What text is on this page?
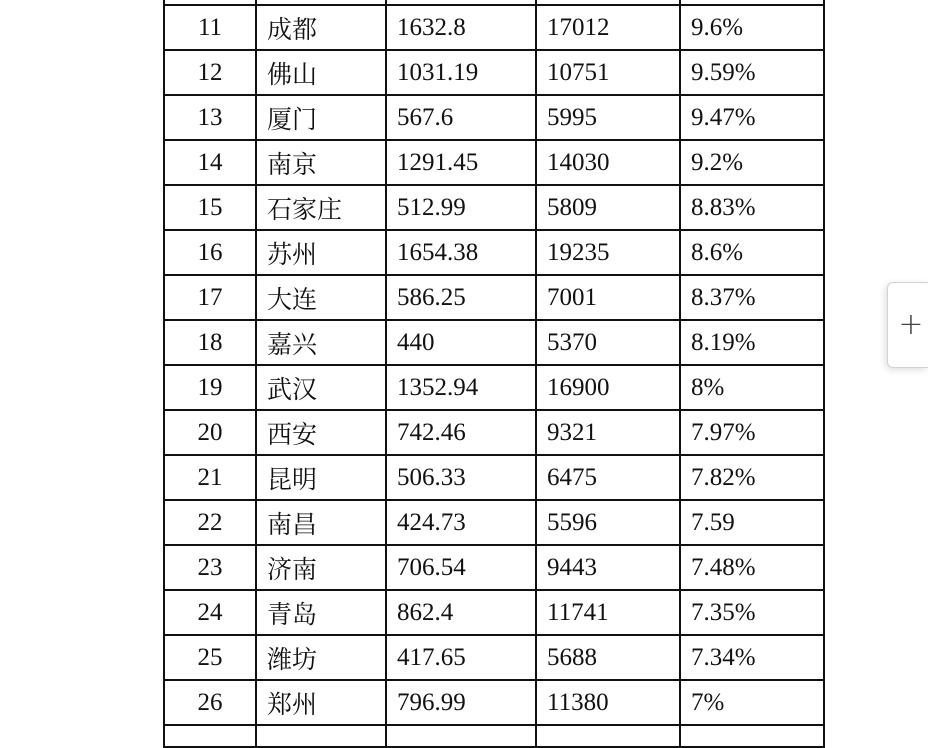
11	成都	1632.8	17012	9.6%
12	佛山	1031.19	10751	9.59%
13	厦门	567.6	5995	9.47%
14	南京	1291.45	14030	9.2%
15	石家庄	512.99	5809	8.83%
16	苏州	1654.38	19235	8.6%
17	大连	586.25	7001	8.37%
18	嘉兴	440	5370	8.19%
19	武汉	1352.94	16900	8%
20	西安	742.46	9321	7.97%
21	昆明	506.33	6475	7.82%
22	南昌	424.73	5596	7.59
23	济南	706.54	9443	7.48%
24	青岛	862.4	11741	7.35%
25	潍坊	417.65	5688	7.34%
26	郑州	796.99	11380	7%

+
